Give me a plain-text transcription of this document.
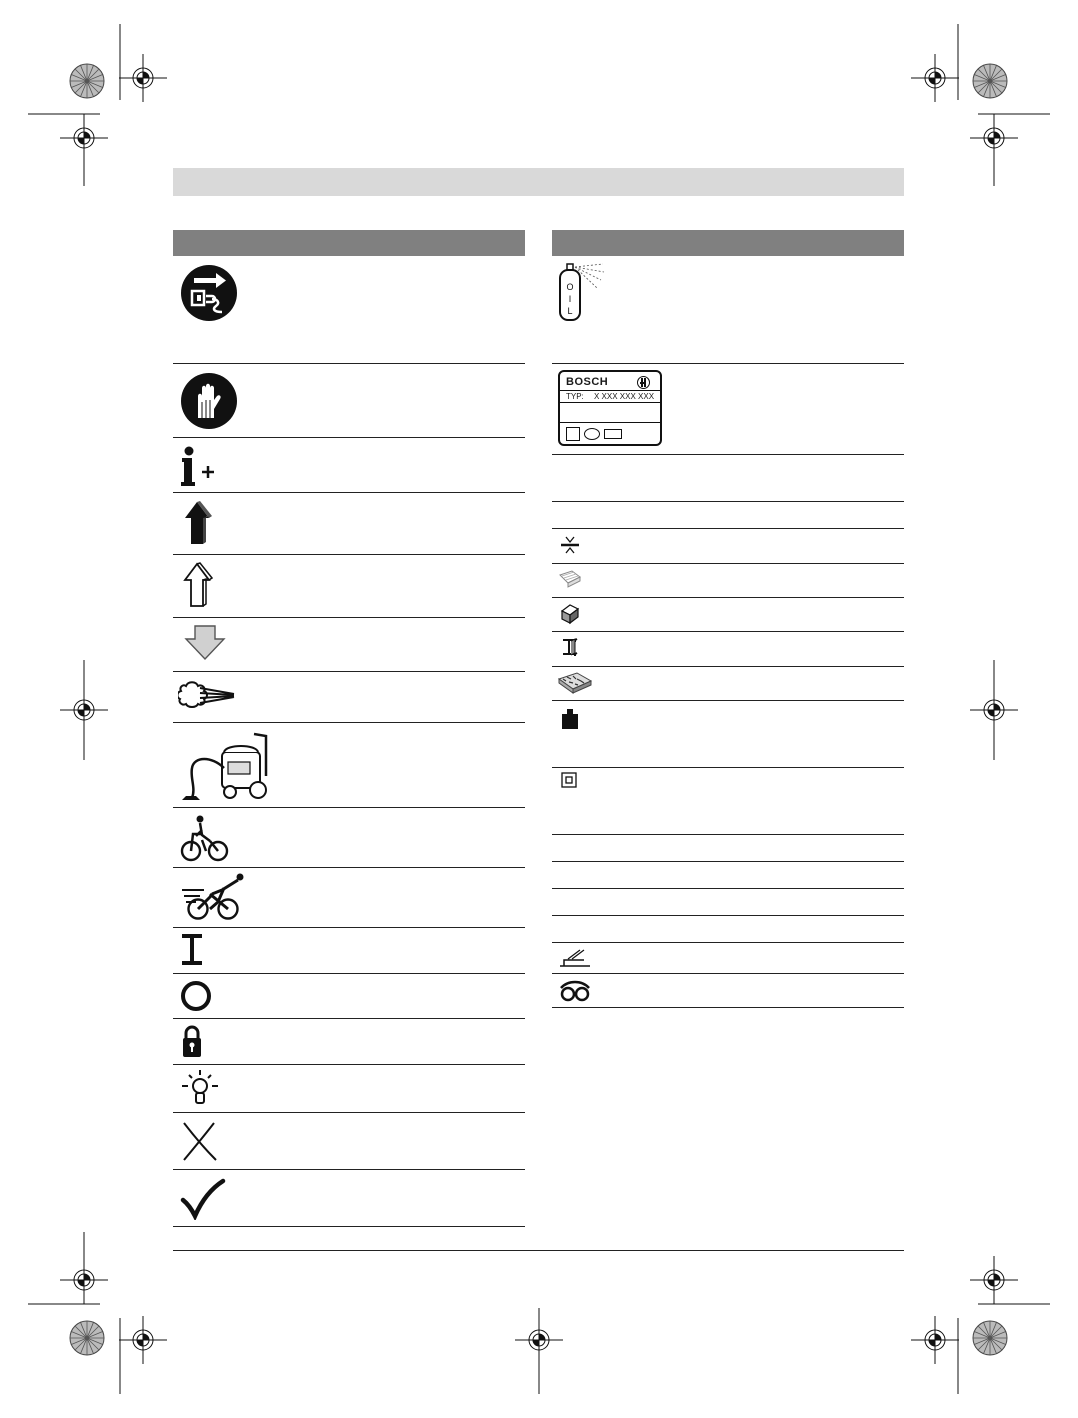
O
I
L
BOSCH
TYP: X XXX XXX XXX
